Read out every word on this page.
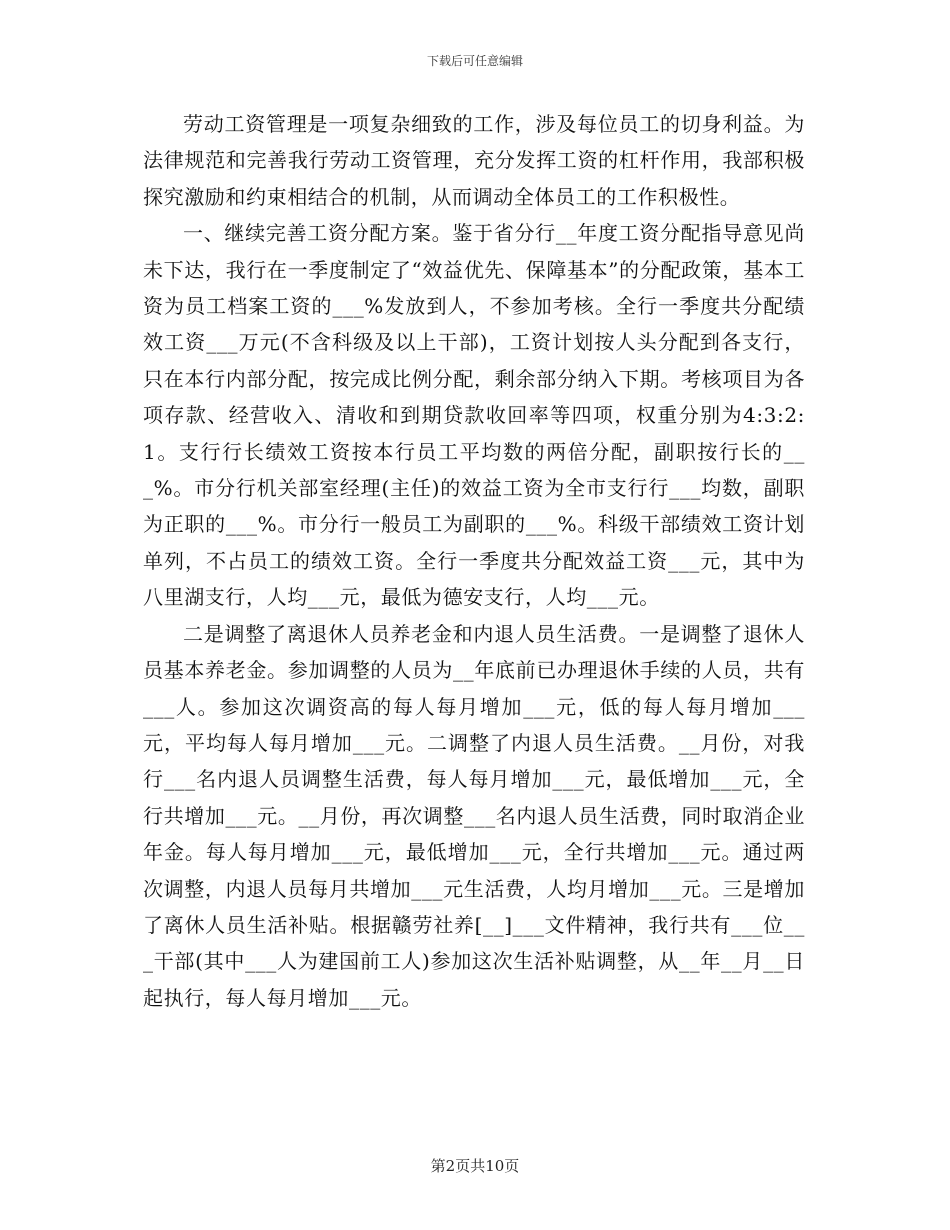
下载后可任意编辑

劳动工资管理是一项复杂细致的工作，涉及每位员工的切身利益。为法律规范和完善我行劳动工资管理，充分发挥工资的杠杆作用，我部积极探究激励和约束相结合的机制，从而调动全体员工的工作积极性。

一、继续完善工资分配方案。鉴于省分行__年度工资分配指导意见尚未下达，我行在一季度制定了“效益优先、保障基本”的分配政策，基本工资为员工档案工资的___%发放到人，不参加考核。全行一季度共分配绩效工资___万元(不含科级及以上干部)，工资计划按人头分配到各支行，只在本行内部分配，按完成比例分配，剩余部分纳入下期。考核项目为各项存款、经营收入、清收和到期贷款收回率等四项，权重分别为4:3:2:1。支行行长绩效工资按本行员工平均数的两倍分配，副职按行长的___%。市分行机关部室经理(主任)的效益工资为全市支行行___均数，副职为正职的___%。市分行一般员工为副职的___%。科级干部绩效工资计划单列，不占员工的绩效工资。全行一季度共分配效益工资___元，其中为八里湖支行，人均___元，最低为德安支行，人均___元。

二是调整了离退休人员养老金和内退人员生活费。一是调整了退休人员基本养老金。参加调整的人员为__年底前已办理退休手续的人员，共有___人。参加这次调资高的每人每月增加___元，低的每人每月增加___元，平均每人每月增加___元。二调整了内退人员生活费。__月份，对我行___名内退人员调整生活费，每人每月增加___元，最低增加___元，全行共增加___元。__月份，再次调整___名内退人员生活费，同时取消企业年金。每人每月增加___元，最低增加___元，全行共增加___元。通过两次调整，内退人员每月共增加___元生活费，人均月增加___元。三是增加了离休人员生活补贴。根据赣劳社养[__]___文件精神，我行共有___位___干部(其中___人为建国前工人)参加这次生活补贴调整，从__年__月__日起执行，每人每月增加___元。

第2页共10页
